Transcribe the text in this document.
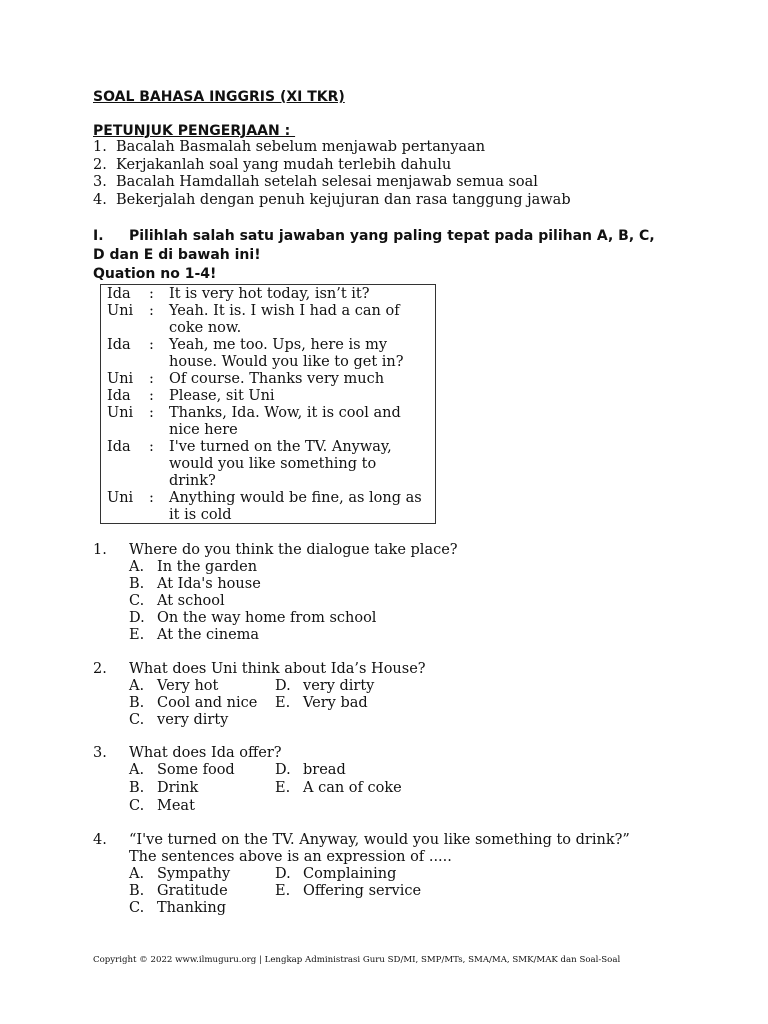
SOAL BAHASA INGGRIS (XI TKR)
PETUNJUK PENGERJAAN :
1. Bacalah Basmalah sebelum menjawab pertanyaan
2. Kerjakanlah soal yang mudah terlebih dahulu
3. Bacalah Hamdallah setelah selesai menjawab semua soal
4. Bekerjalah dengan penuh kejujuran dan rasa tanggung jawab
I. Pilihlah salah satu jawaban yang paling tepat pada pilihan A, B, C,
D dan E di bawah ini!
Quation no 1-4!
Ida : It is very hot today, isn’t it?
Uni : Yeah. It is. I wish I had a can of
coke now.
Ida : Yeah, me too. Ups, here is my
house. Would you like to get in?
Uni : Of course. Thanks very much
Ida : Please, sit Uni
Uni : Thanks, Ida. Wow, it is cool and
nice here
Ida : I've turned on the TV. Anyway,
would you like something to
drink?
Uni : Anything would be fine, as long as
it is cold
1. Where do you think the dialogue take place?
A. In the garden
B. At Ida's house
C. At school
D. On the way home from school
E. At the cinema
2. What does Uni think about Ida’s House?
A. Very hot
B. Cool and nice
C. very dirty
D. very dirty
E. Very bad
3. What does Ida offer?
A. Some food
B. Drink
C. Meat
D. bread
E. A can of coke
4. “I've turned on the TV. Anyway, would you like something to drink?”
The sentences above is an expression of .....
A. Sympathy
B. Gratitude
C. Thanking
D. Complaining
E. Offering service
Copyright © 2022 www.ilmuguru.org | Lengkap Administrasi Guru SD/MI, SMP/MTs, SMA/MA, SMK/MAK dan Soal-Soal
